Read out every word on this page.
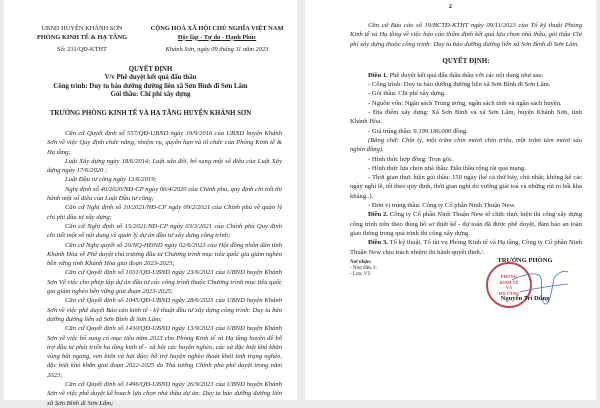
UBND HUYỆN KHÁNH SƠN
PHÒNG KINH TẾ & HẠ TẦNG
Số: 231/QĐ-KTHT
CỘNG HOÀ XÃ HỘI CHỦ NGHĨA VIỆT NAM
Độc lập - Tự do - Hạnh Phúc
Khánh Sơn, ngày 09 tháng 11 năm 2023
QUYẾT ĐỊNH
V/v Phê duyệt kết quả đấu thầu
Công trình: Duy tu bảo dưỡng đường liên xã Sơn Bình đi Sơn Lâm
Gói thầu: Chi phí xây dựng
TRƯỞNG PHÒNG KINH TẾ VÀ HẠ TẦNG HUYỆN KHÁNH SƠN
Căn cứ Quyết định số 557/QĐ-UBND ngày 19/9/2016 của UBND huyện Khánh Sơn về việc Quy định chức năng, nhiệm vụ, quyền hạn và tổ chức của Phòng Kinh tế & Hạ tầng;
Luật Xây dựng ngày 18/6/2014; Luật sửa đổi, bổ sung một số điều của Luật Xây dựng ngày 17/6/2020 ;
Luật Đầu tư công ngày 13/6/2019;
Nghị định số 40/2020/NĐ-CP ngày 06/4/2020 của Chính phủ, quy định chi tiết thi hành một số điều của Luật Đầu tư công;
Căn cứ Nghị định số 10/2021/NĐ-CP ngày 09/2/2021 của Chính phủ về quản lý chi phí đầu tư xây dựng;
Căn cứ Nghị định số 15/2021/NĐ-CP ngày 03/3/2021 của Chính phủ Quy định chi tiết một số nội dung về quản lý dự án đầu tư xây dựng công trình;
Căn cứ Nghị quyết số 20/NQ-HĐND ngày 02/6/2023 của Hội đồng nhân dân tỉnh Khánh Hòa về Phê duyệt chủ trương đầu tư Chương trình mục tiêu quốc gia giảm nghèo bền vững tỉnh Khánh Hòa giai đoạn 2023-2025;
Căn cứ Quyết định số 1031/QĐ-UBND ngày 23/6/2023 của UBND huyện Khánh Sơn Về việc cho phép lập dự án đầu tư các công trình thuộc Chương trình mục tiêu quốc gia giảm nghèo bền vững giai đoạn 2023-2025;
Căn cứ Quyết định số 1045/QĐ-UBND ngày 28/6/2023 của UBND huyện Khánh Sơn về việc phê duyệt Báo cáo kinh tế - kỹ thuật đầu tư xây dựng công trình: Duy tu bảo dưỡng đường liên xã Sơn Bình đi Sơn Lâm;
Căn cứ Quyết định số 1430/QĐ-UBND ngày 13/9/2023 của UBND huyện Khánh Sơn về việc bổ sung có mục tiêu năm 2023 cho Phòng Kinh tế và Hạ tầng huyện để hỗ trợ đầu tư phát triển hạ tầng kinh tế - xã hội các huyện nghèo, các xã đặc biệt khó khăn vùng bãi ngang, ven biển và hải đảo; hỗ trợ huyện nghèo thoát khỏi tình trạng nghèo, đặc biệt khó khăn giai đoạn 2022-2025 do Thủ tướng Chính phủ phê duyệt trong năm 2023;
Căn cứ Quyết định số 1496/QĐ-UBND ngày 26/9/2023 của UBND huyện Khánh Sơn về việc phê duyệt kế hoạch lựa chọn nhà thầu dự án: Duy tu bảo dưỡng đường liên xã Sơn Bình đi Sơn Lâm;
2
Căn cứ Báo cáo số 19/BCTĐ-KTHT ngày 09/11/2023 của Tổ kỹ thuật Phòng Kinh tế và Hạ tầng về việc báo cáo thẩm định kết quả lựa chọn nhà thầu, gói thầu Chi phí xây dựng thuộc công trình: Duy tu bảo dưỡng đường liên xã Sơn Bình đi Sơn Lâm.
QUYẾT ĐỊNH:
Điều 1. Phê duyệt kết quả đấu thầu thầu với các nội dung như sau:
- Công trình: Duy tu bảo dưỡng đường liên xã Sơn Bình đi Sơn Lâm.
- Gói thầu: Chi phí xây dựng.
- Nguồn vốn: Ngân sách Trung ương, ngân sách tỉnh và ngân sách huyện.
- Địa điểm xây dựng: Xã Sơn Bình và xã Sơn Lâm, huyện Khánh Sơn, tỉnh Khánh Hòa.
- Giá trúng thầu: 9.199.186.000 đồng.
(Bằng chữ: Chín tỷ, một trăm chín mươi chín triệu, một trăm tám mươi sáu nghìn đồng).
- Hình thức hợp đồng: Trọn gói.
- Hình thức lựa chọn nhà thầu: Đấu thầu rộng rãi qua mạng.
- Thời gian thực hiện gói thầu: 150 ngày (kể cả thứ bảy, chủ nhật; không kể các ngày nghỉ lễ, tết theo quy định, thời gian nghỉ do vướng giải toả và những rủi ro bất khả kháng..).
- Đơn vị trúng thầu: Công ty Cổ phần Ninh Thuận New.
Điều 2. Công ty Cổ phần Ninh Thuận New tổ chức thực hiện thi công xây dựng công trình trên theo đúng hồ sơ thiết kế - dự toán đã được phê duyệt, đảm bảo an toàn giao thông trong quá trình thi công xây dựng.
Điều 3. Tổ kỹ thuật, Tổ tài vụ Phòng Kinh tế và Hạ tầng, Công ty Cổ phần Ninh Thuận New chịu trách nhiệm thi hành quyết định./.
Nơi nhận:
- Như điều 3;
- Lưu: VT.
TRƯỞNG PHÒNG
PHÒNG
KINH TẾ
VÀ
HẠ TẦNG
Nguyễn Trí Dũng
